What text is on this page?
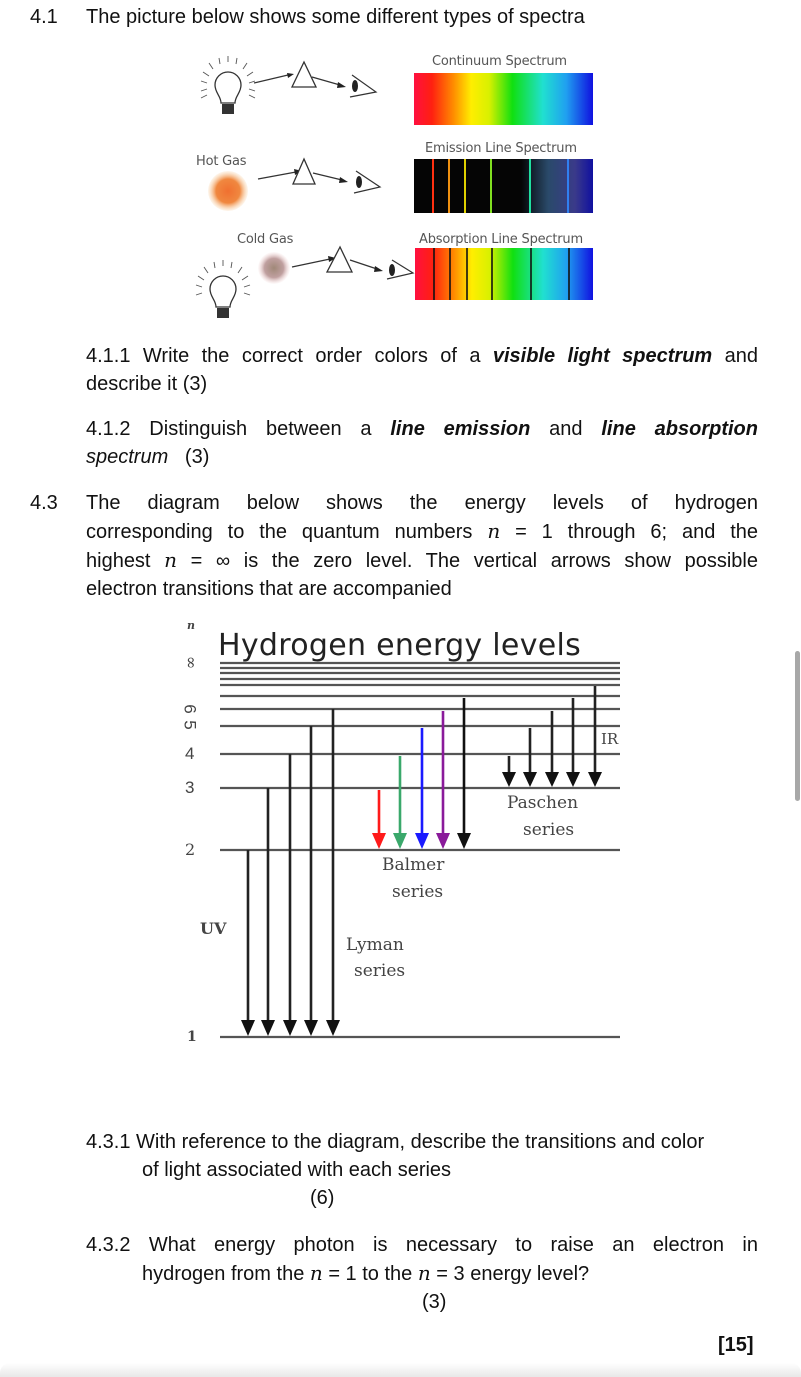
4.1 The picture below shows some different types of spectra
Continuum Spectrum
Hot Gas
Emission Line Spectrum
Cold Gas	Absorption Line Spectrum
4.1.1 Write the correct order colors of a visible light spectrum and
describe it (3)
4.1.2 Distinguish between a line emission and line absorption
spectrum (3)
4.3 The diagram below shows the energy levels of hydrogen
corresponding to the quantum numbers n = 1 through 6; and the
highest n = ∞ is the zero level. The vertical arrows show possible
electron transitions that are accompanied
Hydrogen energy levels
n
∞
6
5
4
3
2
1
UV
IR
Lyman
series
Balmer
series
Paschen
series
4.3.1 With reference to the diagram, describe the transitions and color
of light associated with each series
(6)
4.3.2 What energy photon is necessary to raise an electron in
hydrogen from the n = 1 to the n = 3 energy level?
(3)
[15]
